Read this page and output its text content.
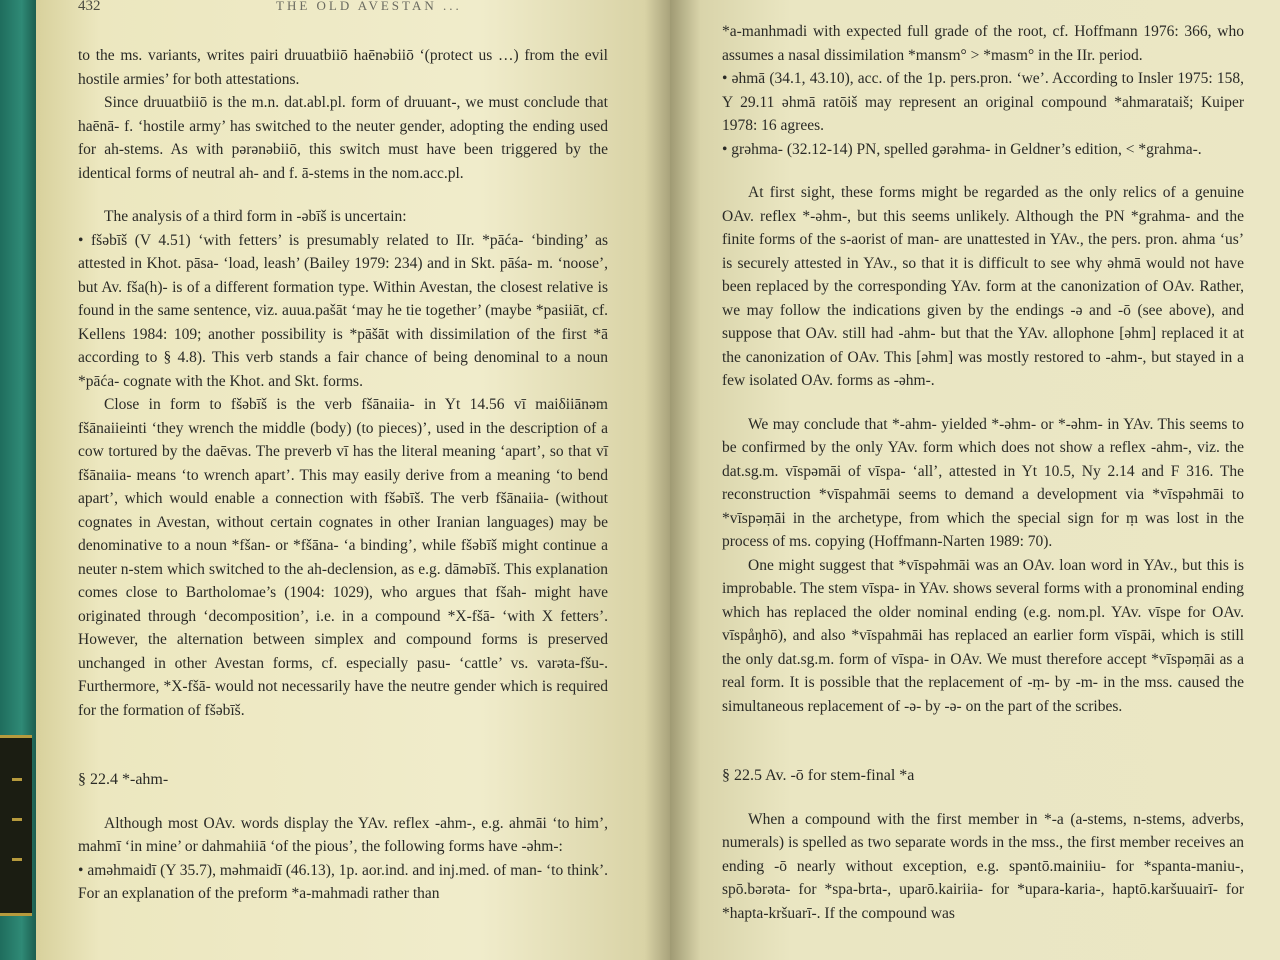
432	THE OLD AVESTAN ...

to the ms. variants, writes pairi druuatbiiō haēnǝbiiō ‘(protect us …) from the evil hostile armies’ for both attestations.

Since druuatbiiō is the m.n. dat.abl.pl. form of druuant-, we must conclude that haēnā- f. ‘hostile army’ has switched to the neuter gender, adopting the ending used for ah-stems. As with pǝrǝnǝbiiō, this switch must have been triggered by the identical forms of neutral ah- and f. ā-stems in the nom.acc.pl.

The analysis of a third form in -ǝbīš is uncertain:

• fšǝbīš (V 4.51) ‘with fetters’ is presumably related to IIr. *pāća- ‘binding’ as attested in Khot. pāsa- ‘load, leash’ (Bailey 1979: 234) and in Skt. pāśa- m. ‘noose’, but Av. fša(h)- is of a different formation type. Within Avestan, the closest relative is found in the same sentence, viz. auua.pašāt ‘may he tie together’ (maybe *pasiiāt, cf. Kellens 1984: 109; another possibility is *pāšāt with dissimilation of the first *ā according to § 4.8). This verb stands a fair chance of being denominal to a noun *pāća- cognate with the Khot. and Skt. forms.

Close in form to fšǝbīš is the verb fšānaiia- in Yt 14.56 vī maiδiiānǝm fšānaiieinti ‘they wrench the middle (body) (to pieces)’, used in the description of a cow tortured by the daēvas. The preverb vī has the literal meaning ‘apart’, so that vī fšānaiia- means ‘to wrench apart’. This may easily derive from a meaning ‘to bend apart’, which would enable a connection with fšǝbīš. The verb fšānaiia- (without cognates in Avestan, without certain cognates in other Iranian languages) may be denominative to a noun *fšan- or *fšāna- ‘a binding’, while fšǝbīš might continue a neuter n-stem which switched to the ah-declension, as e.g. dāmǝbīš. This explanation comes close to Bartholomae’s (1904: 1029), who argues that fšah- might have originated through ‘decomposition’, i.e. in a compound *X-fšā- ‘with X fetters’. However, the alternation between simplex and compound forms is preserved unchanged in other Avestan forms, cf. especially pasu- ‘cattle’ vs. varǝta-fšu-. Furthermore, *X-fšā- would not necessarily have the neutre gender which is required for the formation of fšǝbīš.

§ 22.4 *-ahm-

Although most OAv. words display the YAv. reflex -ahm-, e.g. ahmāi ‘to him’, mahmī ‘in mine’ or dahmahiiā ‘of the pious’, the following forms have -ǝhm-:

• amǝhmaidī (Y 35.7), mǝhmaidī (46.13), 1p. aor.ind. and inj.med. of man- ‘to think’. For an explanation of the preform *a-mahmadi rather than

*a-manhmadi with expected full grade of the root, cf. Hoffmann 1976: 366, who assumes a nasal dissimilation *mansm° > *masm° in the IIr. period.

• ǝhmā (34.1, 43.10), acc. of the 1p. pers.pron. ‘we’. According to Insler 1975: 158, Y 29.11 ǝhmā ratōiš may represent an original compound *ahmarataiš; Kuiper 1978: 16 agrees.

• grǝhma- (32.12-14) PN, spelled gǝrǝhma- in Geldner’s edition, < *grahma-.

At first sight, these forms might be regarded as the only relics of a genuine OAv. reflex *-ǝhm-, but this seems unlikely. Although the PN *grahma- and the finite forms of the s-aorist of man- are unattested in YAv., the pers. pron. ahma ‘us’ is securely attested in YAv., so that it is difficult to see why ǝhmā would not have been replaced by the corresponding YAv. form at the canonization of OAv. Rather, we may follow the indications given by the endings -ǝ and -ō (see above), and suppose that OAv. still had -ahm- but that the YAv. allophone [ǝhm] replaced it at the canonization of OAv. This [ǝhm] was mostly restored to -ahm-, but stayed in a few isolated OAv. forms as -ǝhm-.

We may conclude that *-ahm- yielded *-ǝhm- or *-ǝhm- in YAv. This seems to be confirmed by the only YAv. form which does not show a reflex -ahm-, viz. the dat.sg.m. vīspǝmāi of vīspa- ‘all’, attested in Yt 10.5, Ny 2.14 and F 316. The reconstruction *vīspahmāi seems to demand a development via *vīspǝhmāi to *vīspǝṃāi in the archetype, from which the special sign for ṃ was lost in the process of ms. copying (Hoffmann-Narten 1989: 70).

One might suggest that *vīspǝhmāi was an OAv. loan word in YAv., but this is improbable. The stem vīspa- in YAv. shows several forms with a pronominal ending which has replaced the older nominal ending (e.g. nom.pl. YAv. vīspe for OAv. vīspåŋhō), and also *vīspahmāi has replaced an earlier form vīspāi, which is still the only dat.sg.m. form of vīspa- in OAv. We must therefore accept *vīspǝṃāi as a real form. It is possible that the replacement of -ṃ- by -m- in the mss. caused the simultaneous replacement of -ǝ- by -ǝ- on the part of the scribes.

§ 22.5 Av. -ō for stem-final *a

When a compound with the first member in *-a (a-stems, n-stems, adverbs, numerals) is spelled as two separate words in the mss., the first member receives an ending -ō nearly without exception, e.g. spǝntō.mainiiu- for *spanta-maniu-, spō.bǝrǝta- for *spa-brta-, uparō.kairiia- for *upara-karia-, haptō.karšuuairī- for *hapta-kršuarī-. If the compound was
